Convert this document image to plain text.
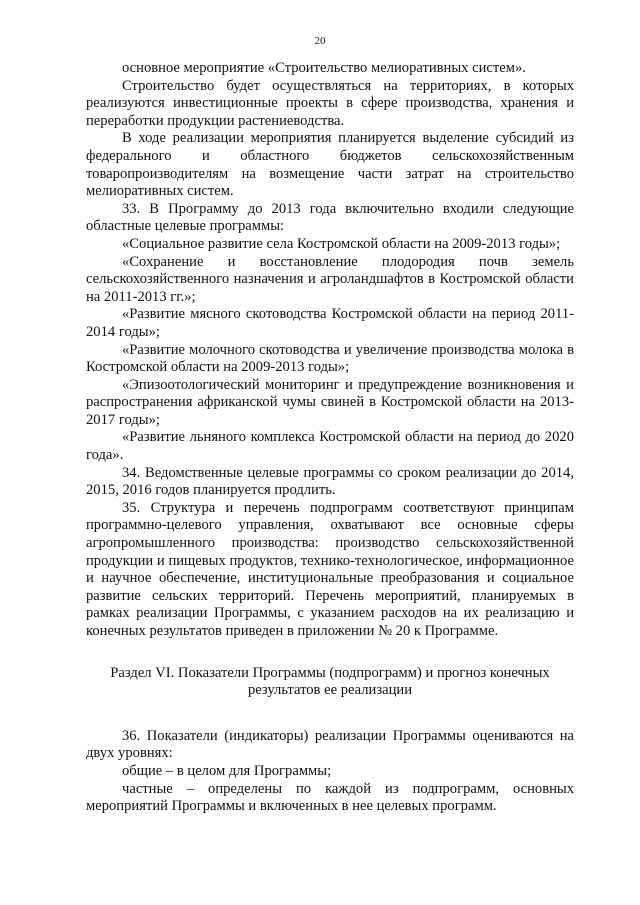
20

основное мероприятие «Строительство мелиоративных систем».

Строительство будет осуществляться на территориях, в которых реализуются инвестиционные проекты в сфере производства, хранения и переработки продукции растениеводства.

В ходе реализации мероприятия планируется выделение субсидий из федерального и областного бюджетов сельскохозяйственным товаропроизводителям на возмещение части затрат на строительство мелиоративных систем.

33. В Программу до 2013 года включительно входили следующие областные целевые программы:

«Социальное развитие села Костромской области на 2009-2013 годы»;

«Сохранение и восстановление плодородия почв земель сельскохозяйственного назначения и агроландшафтов в Костромской области на 2011-2013 гг.»;

«Развитие мясного скотоводства Костромской области на период 2011-2014 годы»;

«Развитие молочного скотоводства и увеличение производства молока в Костромской области на 2009-2013 годы»;

«Эпизоотологический мониторинг и предупреждение возникновения и распространения африканской чумы свиней в Костромской области на 2013-2017 годы»;

«Развитие льняного комплекса Костромской области на период до 2020 года».

34. Ведомственные целевые программы со сроком реализации до 2014, 2015, 2016 годов планируется продлить.

35. Структура и перечень подпрограмм соответствуют принципам программно-целевого управления, охватывают все основные сферы агропромышленного производства: производство сельскохозяйственной продукции и пищевых продуктов, технико-технологическое, информационное и научное обеспечение, институциональные преобразования и социальное развитие сельских территорий. Перечень мероприятий, планируемых в рамках реализации Программы, с указанием расходов на их реализацию и конечных результатов приведен в приложении № 20 к Программе.

Раздел VI. Показатели Программы (подпрограмм) и прогноз конечных
результатов ее реализации

36. Показатели (индикаторы) реализации Программы оцениваются на двух уровнях:

общие – в целом для Программы;

частные – определены по каждой из подпрограмм, основных мероприятий Программы и включенных в нее целевых программ.
